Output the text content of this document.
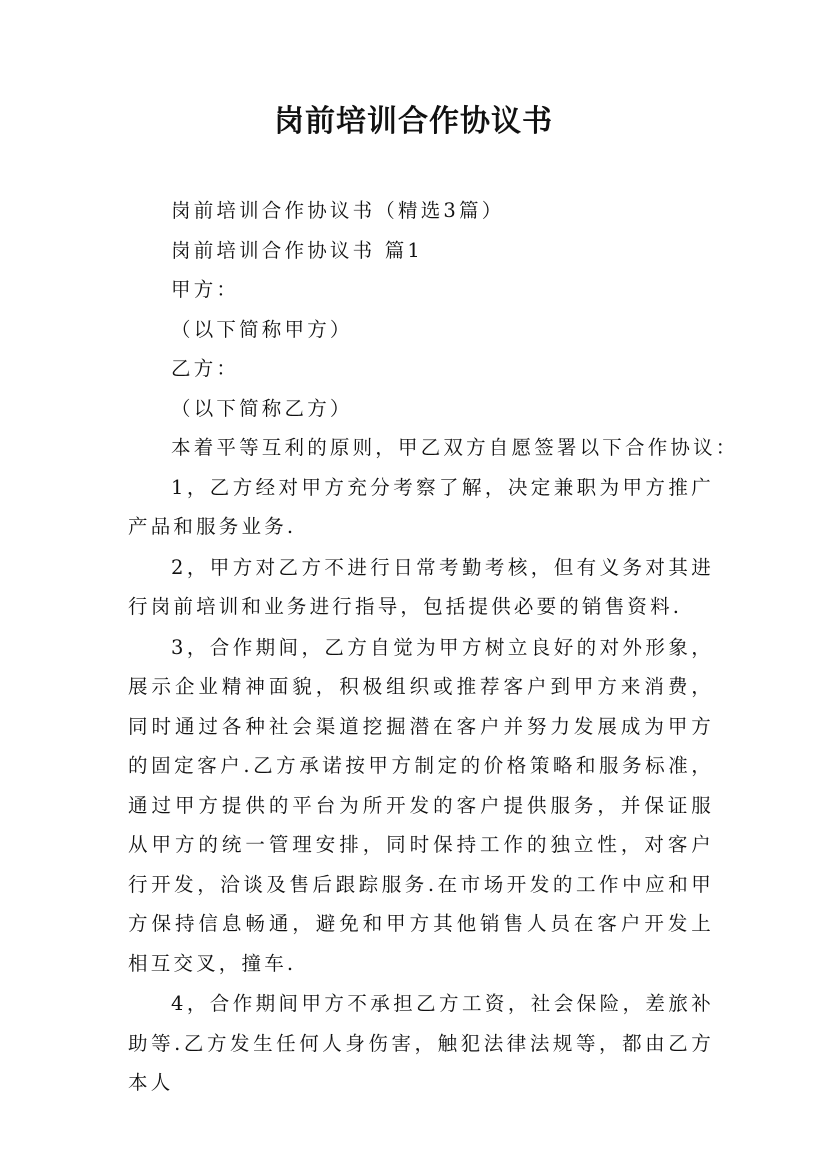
岗前培训合作协议书

岗前培训合作协议书（精选3篇）

岗前培训合作协议书 篇1

甲方：

（以下简称甲方）

乙方：

（以下简称乙方）

本着平等互利的原则，甲乙双方自愿签署以下合作协议：

1，乙方经对甲方充分考察了解，决定兼职为甲方推广产品和服务业务.

2，甲方对乙方不进行日常考勤考核，但有义务对其进行岗前培训和业务进行指导，包括提供必要的销售资料.

3，合作期间，乙方自觉为甲方树立良好的对外形象，展示企业精神面貌，积极组织或推荐客户到甲方来消费，同时通过各种社会渠道挖掘潜在客户并努力发展成为甲方的固定客户.乙方承诺按甲方制定的价格策略和服务标准，通过甲方提供的平台为所开发的客户提供服务，并保证服从甲方的统一管理安排，同时保持工作的独立性，对客户行开发，洽谈及售后跟踪服务.在市场开发的工作中应和甲方保持信息畅通，避免和甲方其他销售人员在客户开发上相互交叉，撞车.

4，合作期间甲方不承担乙方工资，社会保险，差旅补助等.乙方发生任何人身伤害，触犯法律法规等，都由乙方本人
